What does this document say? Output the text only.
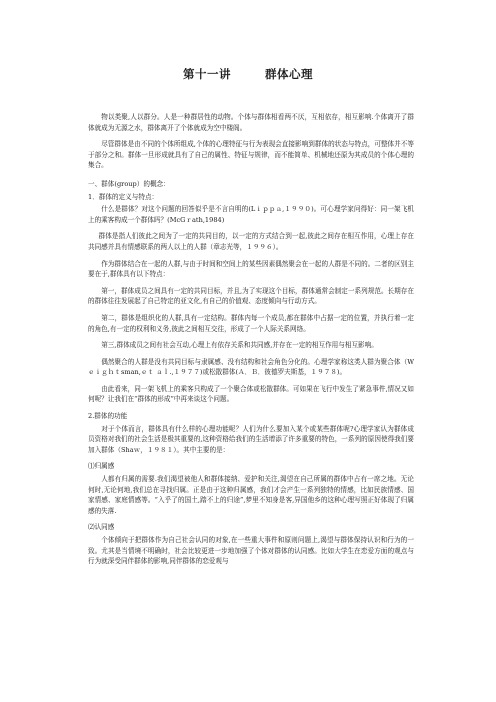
第十一讲	群体心理

物以类聚,人以群分。人是一种群居性的动物。个体与群体相看两不厌，互相依存，相互影响.个体离开了群体就成为无源之水，群体离开了个体就成为空中楼阁。

尽管群体是由不同的个体所组成,个体的心理特征与行为表现会直接影响到群体的状态与特点，可整体并不等于部分之和。群体一旦形成就具有了自己的属性、特征与规律，而不能简单、机械地还原为其成员的个体心理的集合。

一、群体(group）的概念：

1．群体的定义与特点：

什么是群体？对这个问题的回答似乎是不言自明的(Lｉｐｐａ,１９９０)。可心理学家问得好：同一架飞机上的乘客构成一个群体吗？(McGｒath,1984)

群体是指人们彼此之间为了一定的共同目的，以一定的方式结合到一起,彼此之间存在相互作用，心理上存在共同感并具有情感联系的两人以上的人群（章志光等，１９９６）。

作为群体结合在一起的人群,与由于时间和空间上的某些因素偶然聚会在一起的人群是不同的。二者的区别主要在于,群体具有以下特点：

第一，群体成员之间具有一定的共同目标，并且,为了实现这个目标，群体通常会制定一系列规范。长期存在的群体往往发展起了自己特定的亚文化,有自己的价值观、态度倾向与行动方式。

第二，群体是组织化的人群,具有一定结构。群体内每一个成员,都在群体中占据一定的位置，并执行着一定的角色,有一定的权利和义务,彼此之间相互交往，形成了一个人际关系网络。

第三,群体成员之间有社会互动,心理上有依存关系和共同感,并存在一定的相互作用与相互影响。

偶然聚合的人群是没有共同目标与隶属感、没有结构和社会角色分化的。心理学家称这类人群为聚合体（Wｅｉｇｈｔsman,ｅｔ ａｌ.,１９７７)或松散群体(Ａ．Ｂ．彼德罗夫斯基，１９７８)。

由此看来，同一架飞机上的乘客只构成了一个聚合体或松散群体。可如果在飞行中发生了紧急事件,情况又如何呢？让我们在“群体的形成”中再来谈这个问题。

2.群体的功能

对于个体而言，群体具有什么样的心理功能呢？人们为什么要加入某个或某些群体呢?心理学家认为群体成员资格对我们的社会生活是极其重要的,这种资格给我们的生活增添了许多重要的特色，一系列的原因使得我们要加入群体（Shaｗ，１９８１）。其中主要的是：

⑴归属感

人都有归属的需要.我们渴望被他人和群体接纳、爱护和关注,渴望在自己所属的群体中占有一席之地。无论何时,无论何地,我们总在寻找归属。正是由于这种归属感，我们才会产生一系列独特的情感，比如民族情感、国家情感、家庭情感等。“入乎了的国土,踏不上的归途”,梦里不知身是客,异国他乡的这种心理写照正好体现了归属感的失落.

⑵认同感

个体倾向于把群体作为自己社会认同的对象,在一些重大事件和原则问题上,渴望与群体保持认识和行为的一致。尤其是当情境不明确时，社会比较更进一步地加强了个体对群体的认同感。比如大学生在恋爱方面的观点与行为就深受同伴群体的影响,同伴群体的恋爱观与
